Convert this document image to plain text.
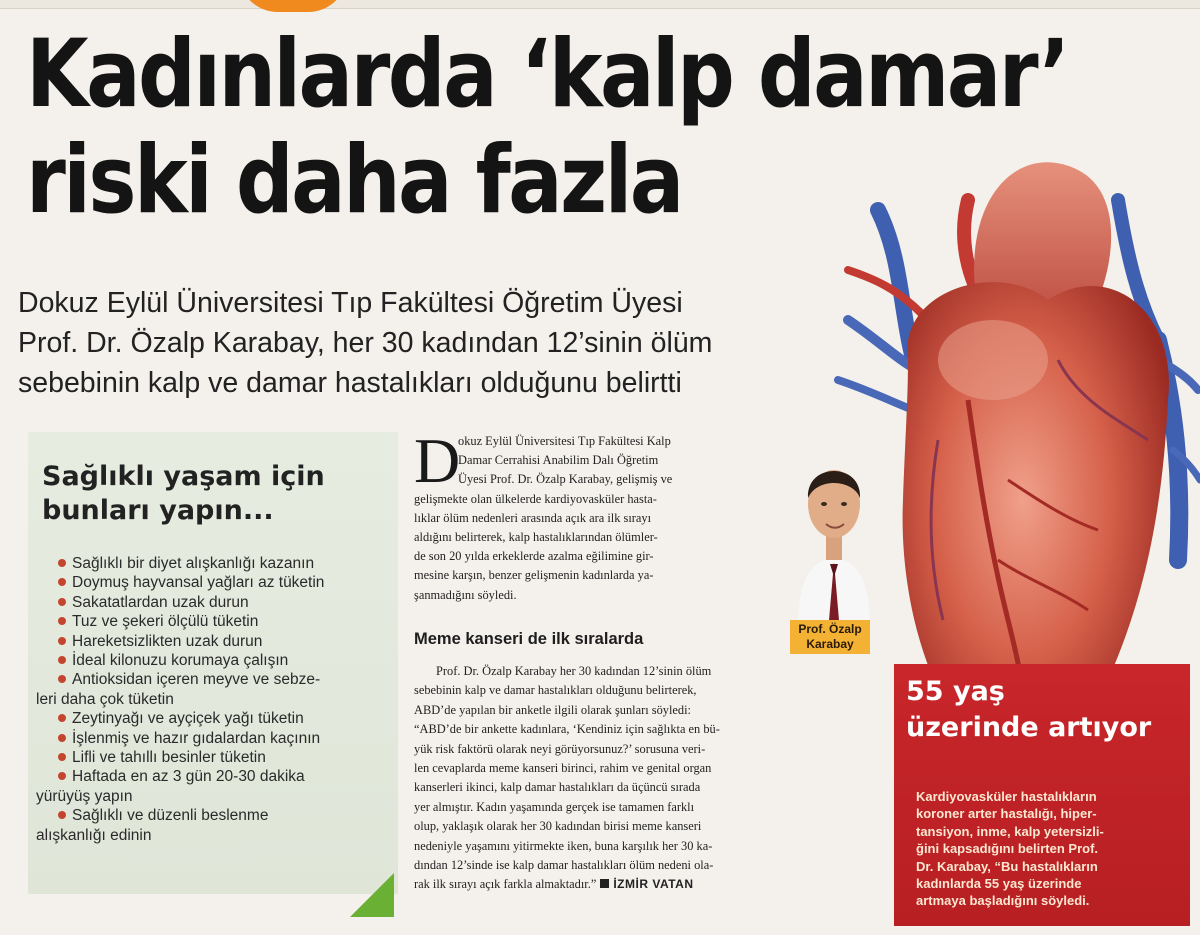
Kadınlarda ‘kalp damar’
riski daha fazla
Dokuz Eylül Üniversitesi Tıp Fakültesi Öğretim Üyesi
Prof. Dr. Özalp Karabay, her 30 kadından 12’sinin ölüm
sebebinin kalp ve damar hastalıkları olduğunu belirtti
Sağlıklı yaşam için
bunları yapın...
Sağlıklı bir diyet alışkanlığı kazanın
Doymuş hayvansal yağları az tüketin
Sakatatlardan uzak durun
Tuz ve şekeri ölçülü tüketin
Hareketsizlikten uzak durun
İdeal kilonuzu korumaya çalışın
Antioksidan içeren meyve ve sebze-
leri daha çok tüketin
Zeytinyağı ve ayçiçek yağı tüketin
İşlenmiş ve hazır gıdalardan kaçının
Lifli ve tahıllı besinler tüketin
Haftada en az 3 gün 20-30 dakika
yürüyüş yapın
Sağlıklı ve düzenli beslenme
alışkanlığı edinin
D
okuz Eylül Üniversitesi Tıp Fakültesi Kalp
Damar Cerrahisi Anabilim Dalı Öğretim
Üyesi Prof. Dr. Özalp Karabay, gelişmiş ve
gelişmekte olan ülkelerde kardiyovasküler hasta-
lıklar ölüm nedenleri arasında açık ara ilk sırayı
aldığını belirterek, kalp hastalıklarından ölümler-
de son 20 yılda erkeklerde azalma eğilimine gir-
mesine karşın, benzer gelişmenin kadınlarda ya-
şanmadığını söyledi.
Meme kanseri de ilk sıralarda
Prof. Dr. Özalp Karabay her 30 kadından 12’sinin ölüm
sebebinin kalp ve damar hastalıkları olduğunu belirterek,
ABD’de yapılan bir anketle ilgili olarak şunları söyledi:
“ABD’de bir ankette kadınlara, ‘Kendiniz için sağlıkta en bü-
yük risk faktörü olarak neyi görüyorsunuz?’ sorusuna veri-
len cevaplarda meme kanseri birinci, rahim ve genital organ
kanserleri ikinci, kalp damar hastalıkları da üçüncü sırada
yer almıştır. Kadın yaşamında gerçek ise tamamen farklı
olup, yaklaşık olarak her 30 kadından birisi meme kanseri
nedeniyle yaşamını yitirmekte iken, buna karşılık her 30 ka-
dından 12’sinde ise kalp damar hastalıkları ölüm nedeni ola-
rak ilk sırayı açık farkla almaktadır.” İZMİR VATAN
Prof. Özalp
Karabay
55 yaş
üzerinde artıyor
Kardiyovasküler hastalıkların
koroner arter hastalığı, hiper-
tansiyon, inme, kalp yetersizli-
ğini kapsadığını belirten Prof.
Dr. Karabay, “Bu hastalıkların
kadınlarda 55 yaş üzerinde
artmaya başladığını söyledi.
